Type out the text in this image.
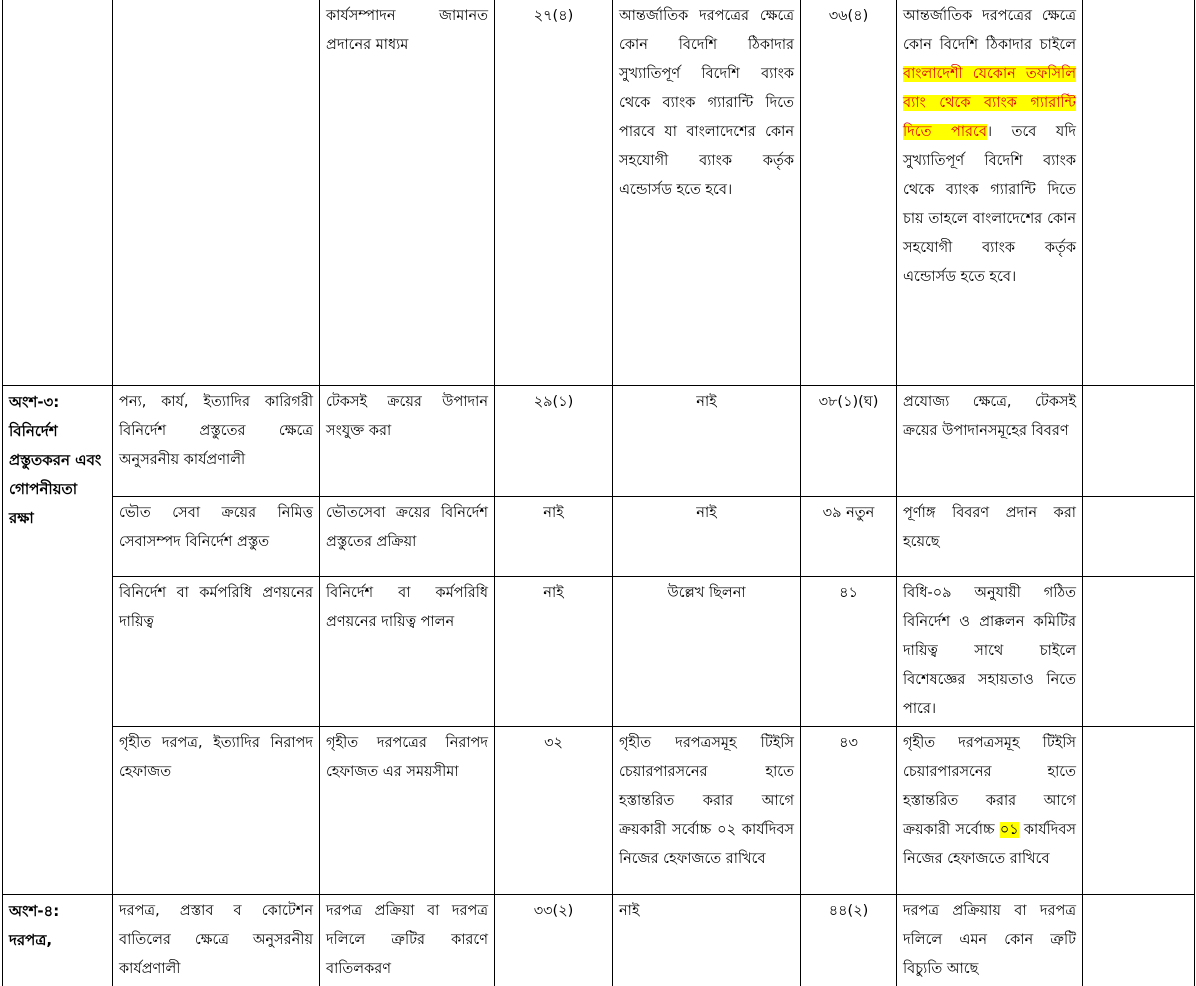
		কার্যসম্পাদন জামানত প্রদানের মাধ্যম	২৭(৪)	আন্তর্জাতিক দরপত্রের ক্ষেত্রে কোন বিদেশি ঠিকাদার সুখ্যাতিপূর্ণ বিদেশি ব্যাংক থেকে ব্যাংক গ্যারান্টি দিতে পারবে যা বাংলাদেশের কোন সহযোগী ব্যাংক কর্তৃক এন্ডোর্সড হতে হবে।	৩৬(৪)	আন্তর্জাতিক দরপত্রের ক্ষেত্রে কোন বিদেশি ঠিকাদার চাইলে বাংলাদেশী যেকোন তফসিলি ব্যাং থেকে ব্যাংক গ্যারান্টি দিতে পারবে। তবে যদি সুখ্যাতিপূর্ণ বিদেশি ব্যাংক থেকে ব্যাংক গ্যারান্টি দিতে চায় তাহলে বাংলাদেশের কোন সহযোগী ব্যাংক কর্তৃক এন্ডোর্সড হতে হবে।	
অংশ-৩: বিনির্দেশ প্রস্তুতকরন এবং গোপনীয়তা রক্ষা	পন্য, কার্য, ইত্যাদির কারিগরী বিনির্দেশ প্রস্তুতের ক্ষেত্রে অনুসরনীয় কার্যপ্রণালী	টেকসই ক্রয়ের উপাদান সংযুক্ত করা	২৯(১)	নাই	৩৮(১)(ঘ)	প্রযোজ্য ক্ষেত্রে, টেকসই ক্রয়ের উপাদানসমূহের বিবরণ	
	ভৌত সেবা ক্রয়ের নিমিত্ত সেবাসম্পদ বিনির্দেশ প্রস্তুত	ভৌতসেবা ক্রয়ের বিনির্দেশ প্রস্তুতের প্রক্রিয়া	নাই	নাই	৩৯ নতুন	পূর্ণাঙ্গ বিবরণ প্রদান করা হয়েছে	
	বিনির্দেশ বা কর্মপরিধি প্রণয়নের দায়িত্ব	বিনির্দেশ বা কর্মপরিধি প্রণয়নের দায়িত্ব পালন	নাই	উল্লেখ ছিলনা	৪১	বিধি-০৯ অনুযায়ী গঠিত বিনির্দেশ ও প্রাক্কলন কমিটির দায়িত্ব সাথে চাইলে বিশেষজ্ঞের সহায়তাও নিতে পারে।	
	গৃহীত দরপত্র, ইত্যাদির নিরাপদ হেফাজত	গৃহীত দরপত্রের নিরাপদ হেফাজত এর সময়সীমা	৩২	গৃহীত দরপত্রসমূহ টিইসি চেয়ারপারসনের হাতে হস্তান্তরিত করার আগে ক্রয়কারী সর্বোচ্চ ০২ কার্যদিবস নিজের হেফাজতে রাখিবে	৪৩	গৃহীত দরপত্রসমূহ টিইসি চেয়ারপারসনের হাতে হস্তান্তরিত করার আগে ক্রয়কারী সর্বোচ্চ ০১ কার্যদিবস নিজের হেফাজতে রাখিবে	
অংশ-৪: দরপত্র,	দরপত্র, প্রস্তাব ব কোটেশন বাতিলের ক্ষেত্রে অনুসরনীয় কার্যপ্রণালী	দরপত্র প্রক্রিয়া বা দরপত্র দলিলে ত্রুটির কারণে বাতিলকরণ	৩৩(২)	নাই	৪৪(২)	দরপত্র প্রক্রিয়ায় বা দরপত্র দলিলে এমন কোন ত্রুটি বিচ্যুতি আছে	
